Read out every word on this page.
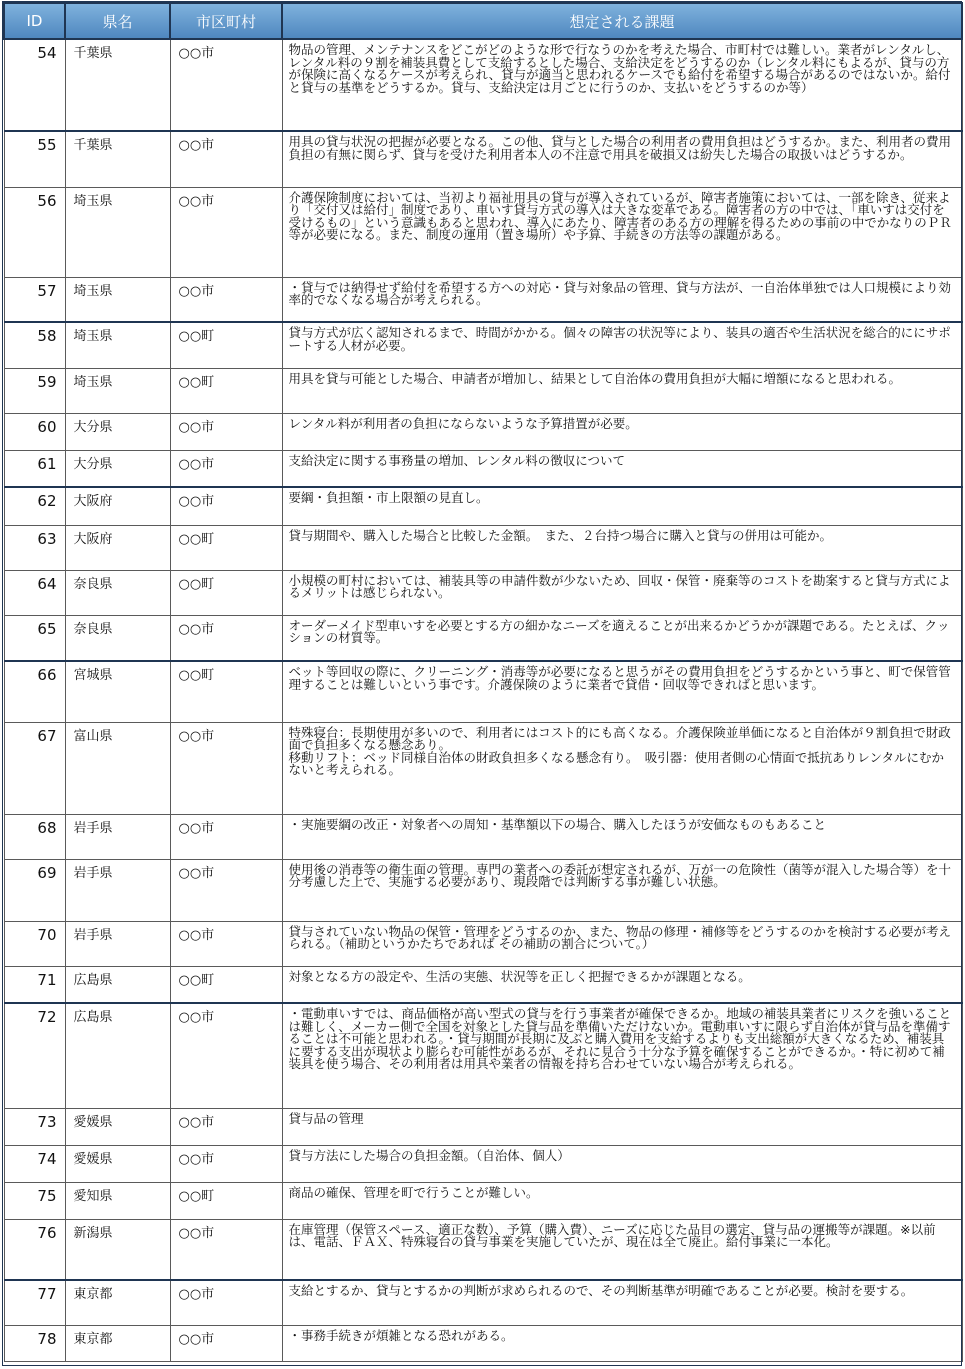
ID	県名	市区町村	想定される課題
54	千葉県	○○市	物品の管理、メンテナンスをどこがどのような形で行なうのかを考えた場合、市町村では難しい。業者がレンタルし、レンタル料の９割を補装具費として支給するとした場合、支給決定をどうするのか（レンタル料にもよるが、貸与の方が保険に高くなるケースが考えられ、貸与が適当と思われるケースでも給付を希望する場合があるのではないか。給付と貸与の基準をどうするか。貸与、支給決定は月ごとに行うのか、支払いをどうするのか等）
55	千葉県	○○市	用具の貸与状況の把握が必要となる。この他、貸与とした場合の利用者の費用負担はどうするか。また、利用者の費用負担の有無に関らず、貸与を受けた利用者本人の不注意で用具を破損又は紛失した場合の取扱いはどうするか。
56	埼玉県	○○市	介護保険制度においては、当初より福祉用具の貸与が導入されているが、障害者施策においては、一部を除き、従来より「交付又は給付」制度であり、車いす貸与方式の導入は大きな変革である。障害者の方の中では、「車いすは交付を受けるもの」という意識もあると思われ、導入にあたり、障害者のある方の理解を得るための事前の中でかなりのＰＲ等が必要になる。また、制度の運用（置き場所）や予算、手続きの方法等の課題がある。
57	埼玉県	○○市	・貸与では納得せず給付を希望する方への対応・貸与対象品の管理、貸与方法が、一自治体単独では人口規模により効率的でなくなる場合が考えられる。
58	埼玉県	○○町	貸与方式が広く認知されるまで、時間がかかる。個々の障害の状況等により、装具の適否や生活状況を総合的ににサポートする人材が必要。
59	埼玉県	○○町	用具を貸与可能とした場合、申請者が増加し、結果として自治体の費用負担が大幅に増額になると思われる。
60	大分県	○○市	レンタル料が利用者の負担にならないような予算措置が必要。
61	大分県	○○市	支給決定に関する事務量の増加、レンタル料の徴収について
62	大阪府	○○市	要綱・負担額・市上限額の見直し。
63	大阪府	○○町	貸与期間や、購入した場合と比較した金額。　また、２台持つ場合に購入と貸与の併用は可能か。
64	奈良県	○○町	小規模の町村においては、補装具等の申請件数が少ないため、回収・保管・廃棄等のコストを勘案すると貸与方式によるメリットは感じられない。
65	奈良県	○○市	オーダーメイド型車いすを必要とする方の細かなニーズを適えることが出来るかどうかが課題である。たとえば、クッションの材質等。
66	宮城県	○○町	ベット等回収の際に、クリーニング・消毒等が必要になると思うがその費用負担をどうするかという事と、町で保管管理することは難しいという事です。介護保険のように業者で貸借・回収等できればと思います。
67	富山県	○○市	特殊寝台：長期使用が多いので、利用者にはコスト的にも高くなる。介護保険並単価になると自治体が９割負担で財政面で負担多くなる懸念あり。
移動リフト：ベッド同様自治体の財政負担多くなる懸念有り。　吸引器：使用者側の心情面で抵抗ありレンタルにむかないと考えられる。
68	岩手県	○○市	・実施要綱の改正・対象者への周知・基準額以下の場合、購入したほうが安価なものもあること
69	岩手県	○○市	使用後の消毒等の衛生面の管理。専門の業者への委託が想定されるが、万が一の危険性（菌等が混入した場合等）を十分考慮した上で、実施する必要があり、現段階では判断する事が難しい状態。
70	岩手県	○○市	貸与されていない物品の保管・管理をどうするのか、また、物品の修理・補修等をどうするのかを検討する必要が考えられる。（補助というかたちであれば その補助の割合について。）
71	広島県	○○町	対象となる方の設定や、生活の実態、状況等を正しく把握できるかが課題となる。
72	広島県	○○市	・電動車いすでは、商品価格が高い型式の貸与を行う事業者が確保できるか。地域の補装具業者にリスクを強いることは難しく、メーカー側で全国を対象とした貸与品を準備いただけないか。電動車いすに限らず自治体が貸与品を準備することは不可能と思われる。・貸与期間が長期に及ぶと購入費用を支給するよりも支出総額が大きくなるため、補装具に要する支出が現状より膨らむ可能性があるが、それに見合う十分な予算を確保することができるか。・特に初めて補装具を使う場合、その利用者は用具や業者の情報を持ち合わせていない場合が考えられる。
73	愛媛県	○○市	貸与品の管理
74	愛媛県	○○市	貸与方法にした場合の負担金額。（自治体、個人）
75	愛知県	○○町	商品の確保、管理を町で行うことが難しい。
76	新潟県	○○市	在庫管理（保管スペース、適正な数）、予算（購入費）、ニーズに応じた品目の選定、貸与品の運搬等が課題。※以前は、電話、ＦＡＸ、特殊寝台の貸与事業を実施していたが、現在は全て廃止。給付事業に一本化。
77	東京都	○○市	支給とするか、貸与とするかの判断が求められるので、その判断基準が明確であることが必要。検討を要する。
78	東京都	○○市	・事務手続きが煩雑となる恐れがある。
